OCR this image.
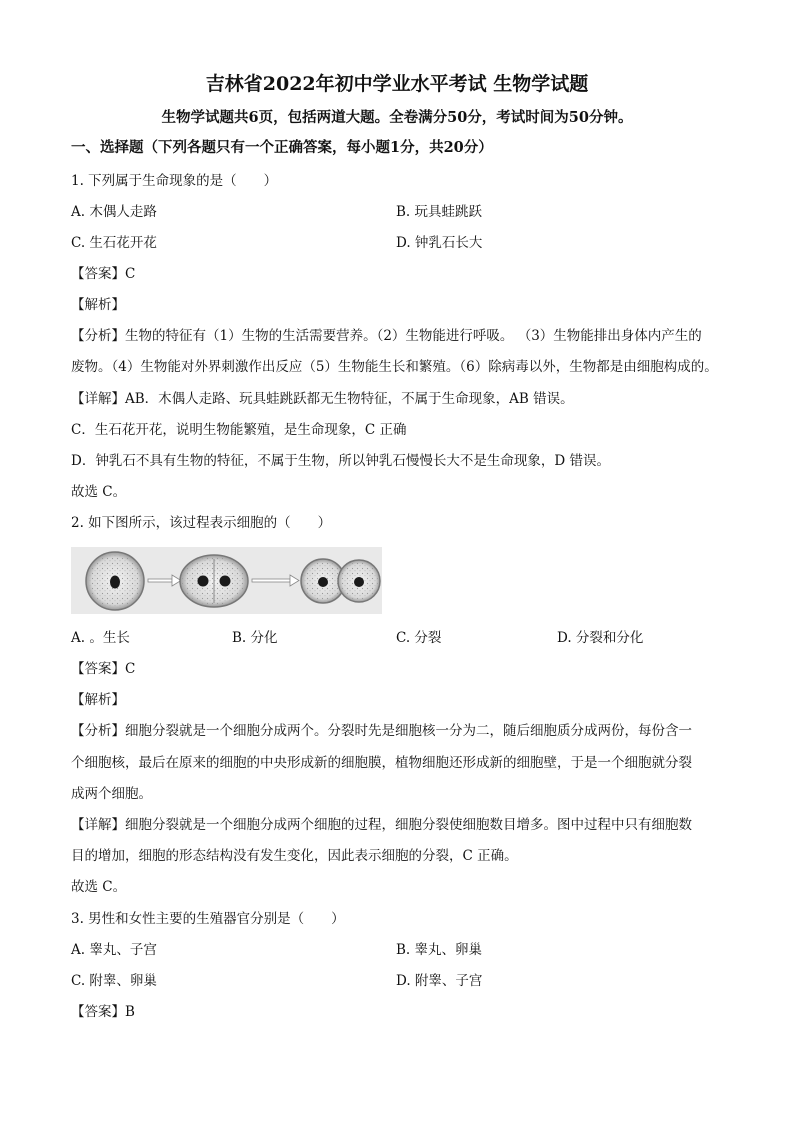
吉林省2022年初中学业水平考试 生物学试题
生物学试题共6页，包括两道大题。全卷满分50分，考试时间为50分钟。
一、选择题（下列各题只有一个正确答案，每小题1分，共20分）
1. 下列属于生命现象的是（　　）
A. 木偶人走路	B. 玩具蛙跳跃
C. 生石花开花	D. 钟乳石长大
【答案】C
【解析】
【分析】生物的特征有（1）生物的生活需要营养。（2）生物能进行呼吸。 （3）生物能排出身体内产生的
废物。（4）生物能对外界刺激作出反应（5）生物能生长和繁殖。（6）除病毒以外，生物都是由细胞构成的。
【详解】AB．木偶人走路、玩具蛙跳跃都无生物特征，不属于生命现象，AB 错误。
C．生石花开花，说明生物能繁殖，是生命现象，C 正确
D．钟乳石不具有生物的特征，不属于生物，所以钟乳石慢慢长大不是生命现象，D 错误。
故选 C。
2. 如下图所示，该过程表示细胞的（　　）
A. 。生长	B. 分化	C. 分裂	D. 分裂和分化
【答案】C
【解析】
【分析】细胞分裂就是一个细胞分成两个。分裂时先是细胞核一分为二，随后细胞质分成两份，每份含一
个细胞核，最后在原来的细胞的中央形成新的细胞膜，植物细胞还形成新的细胞壁，于是一个细胞就分裂
成两个细胞。
【详解】细胞分裂就是一个细胞分成两个细胞的过程，细胞分裂使细胞数目增多。图中过程中只有细胞数
目的增加，细胞的形态结构没有发生变化，因此表示细胞的分裂，C 正确。
故选 C。
3. 男性和女性主要的生殖器官分别是（　　）
A. 睾丸、子宫	B. 睾丸、卵巢
C. 附睾、卵巢	D. 附睾、子宫
【答案】B
